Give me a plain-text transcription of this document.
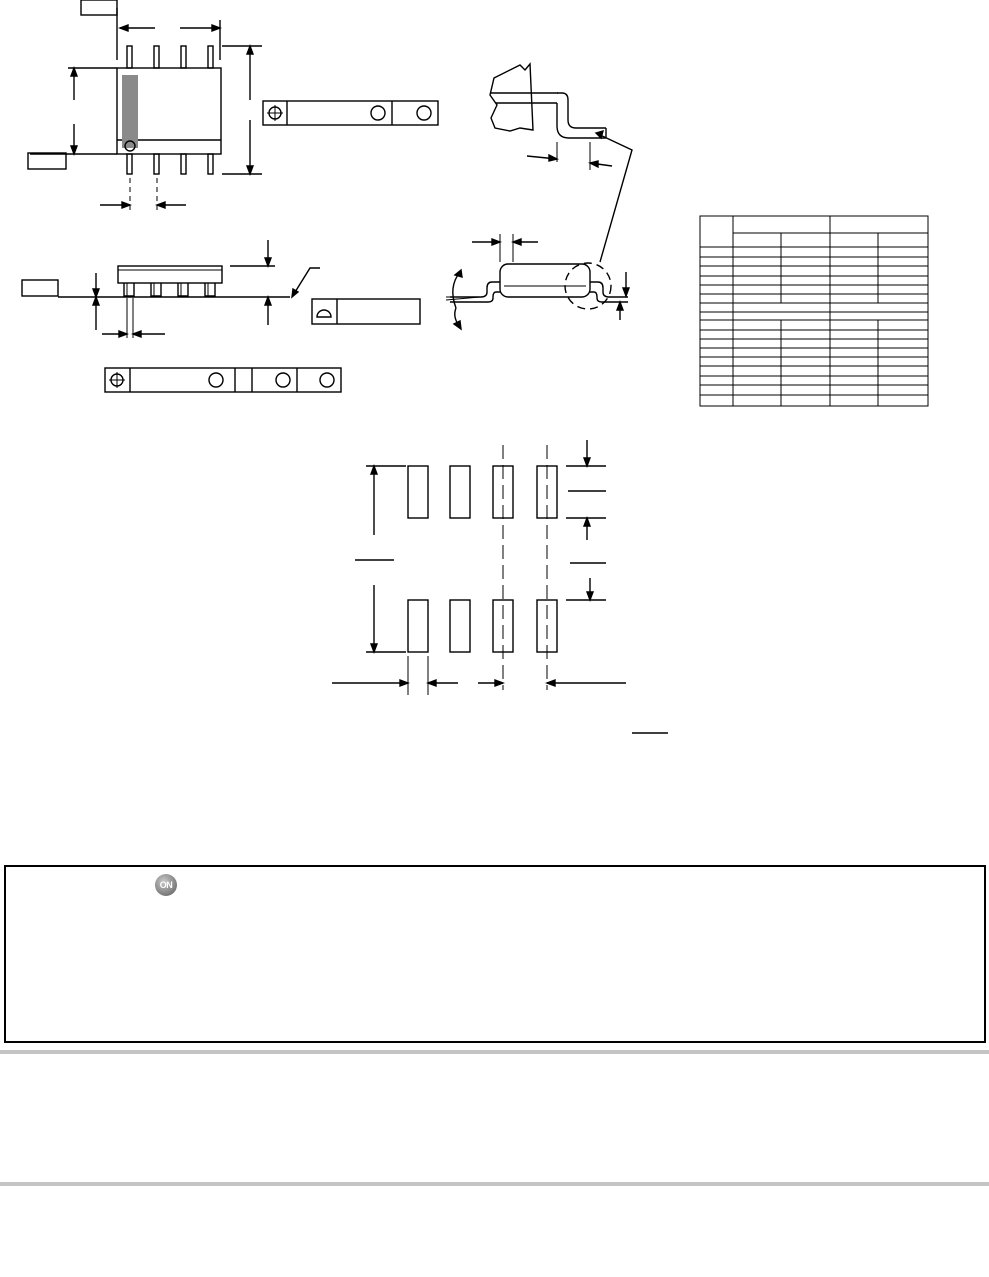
ON
